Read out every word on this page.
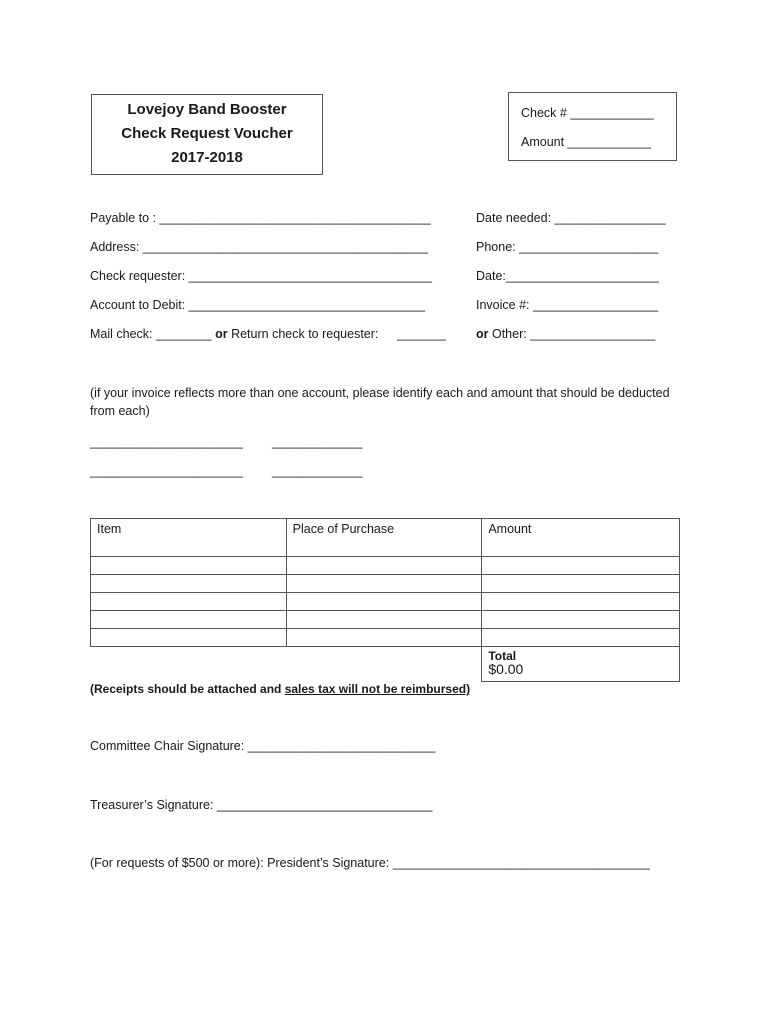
Lovejoy Band Booster
Check Request Voucher
2017-2018
Check # ____________
Amount ____________
Payable to : _______________________________________	Date needed: ________________
Address: _________________________________________	Phone: ____________________
Check requester: ___________________________________	Date:______________________
Account to Debit: __________________________________	Invoice #: __________________
Mail check: ________ or Return check to requester: _______ or Other: __________________
(if your invoice reflects more than one account, please identify each and amount that should be deducted
from each)
______________________ _____________
______________________ _____________
Item	Place of Purchase	Amount

		Total
$0.00
(Receipts should be attached and sales tax will not be reimbursed)
Committee Chair Signature: ___________________________
Treasurer’s Signature: _______________________________
(For requests of $500 or more): President’s Signature: _____________________________________
